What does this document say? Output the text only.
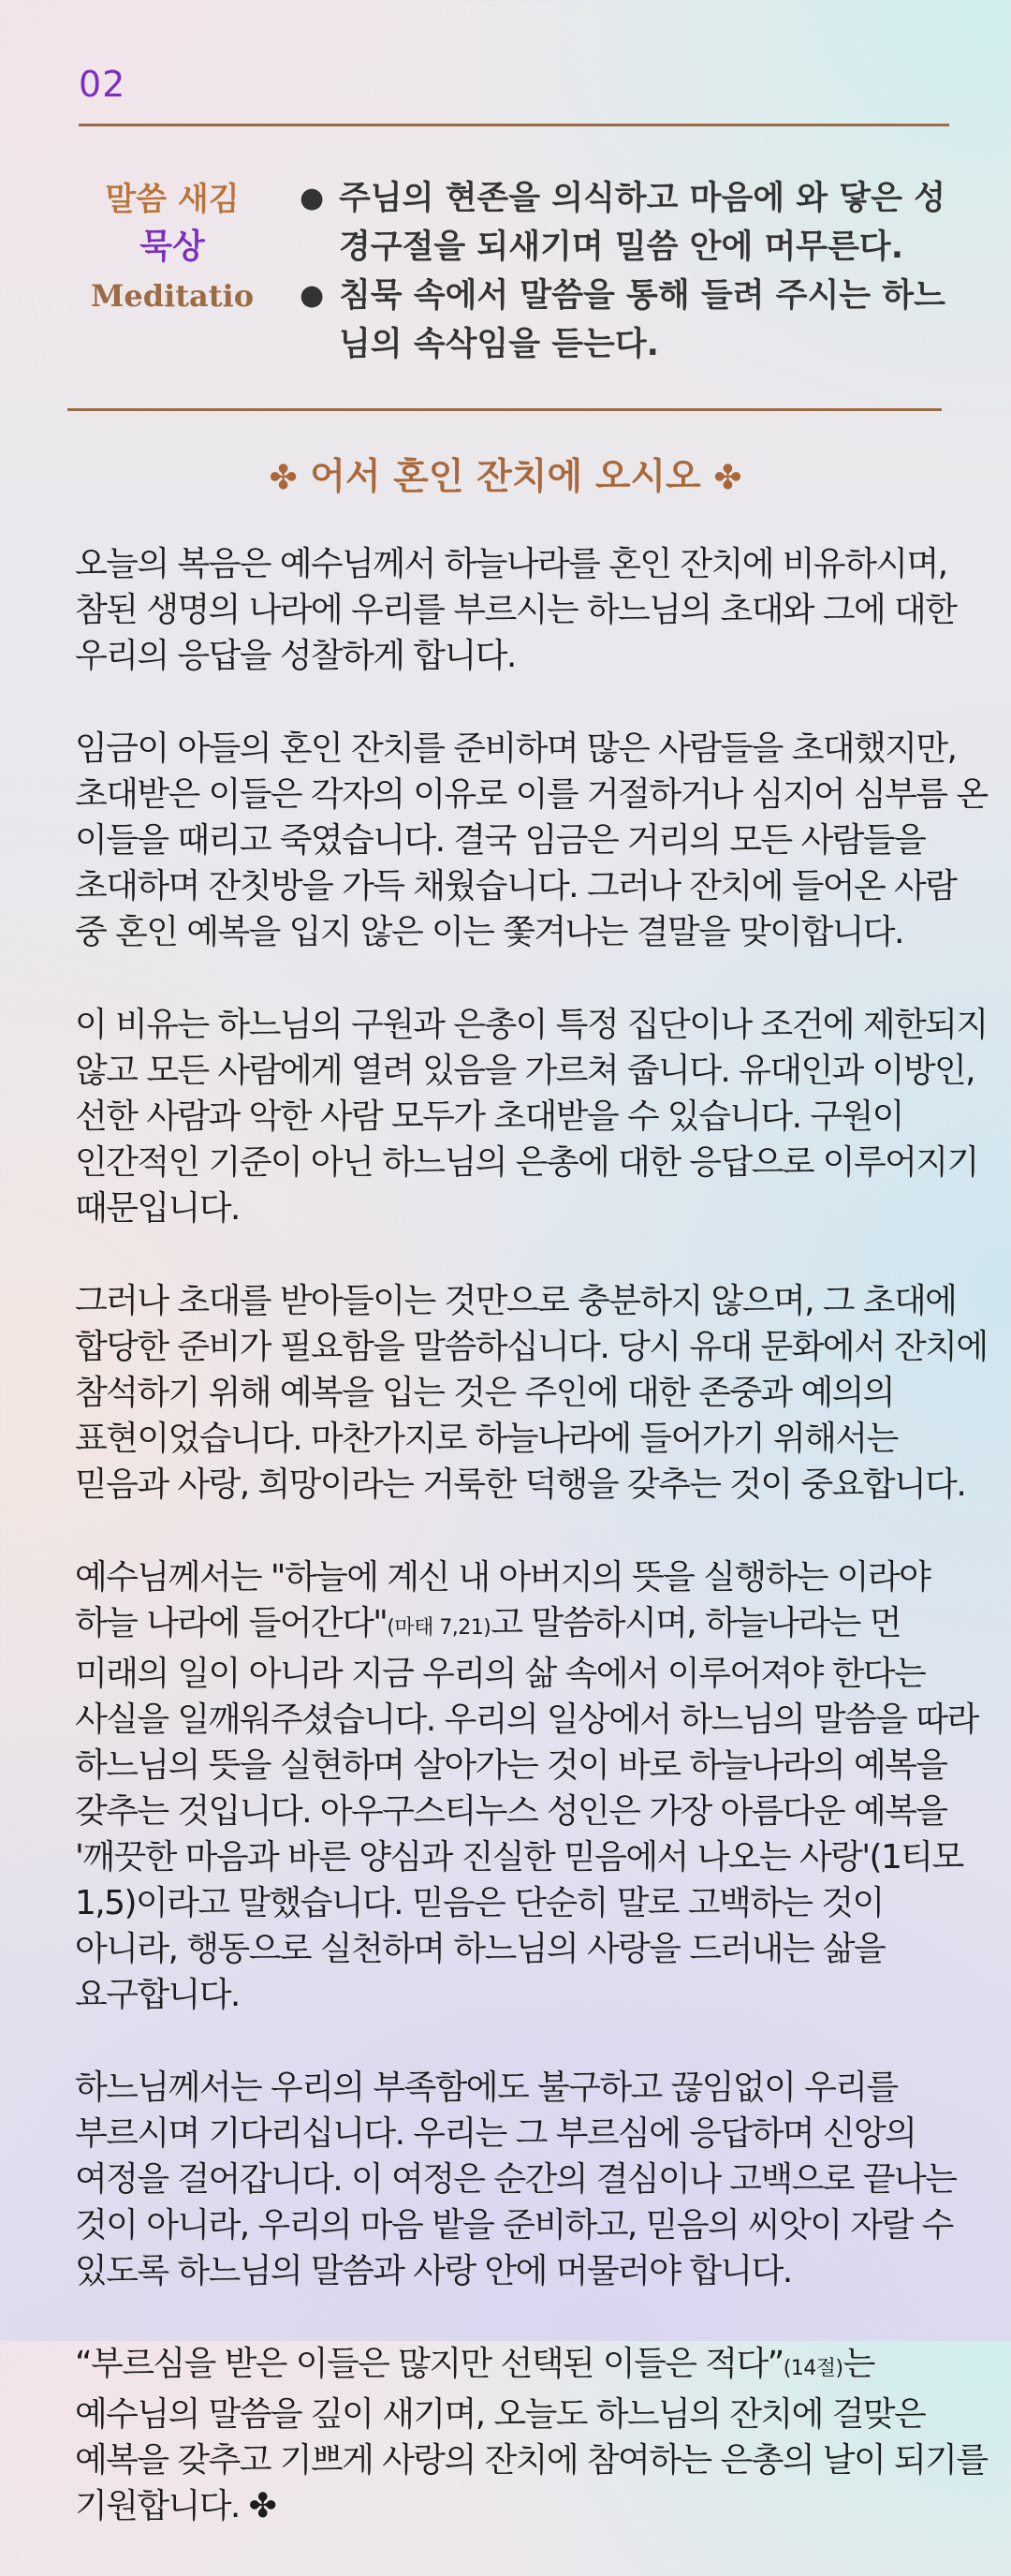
02
말씀 새김
묵상
Meditatio
● 주님의 현존을 의식하고 마음에 와 닿은 성경구절을 되새기며 밀씀 안에 머무른다.
● 침묵 속에서 말씀을 통해 들려 주시는 하느님의 속삭임을 듣는다.
✤ 어서 혼인 잔치에 오시오 ✤

오늘의 복음은 예수님께서 하늘나라를 혼인 잔치에 비유하시며, 참된 생명의 나라에 우리를 부르시는 하느님의 초대와 그에 대한 우리의 응답을 성찰하게 합니다.

임금이 아들의 혼인 잔치를 준비하며 많은 사람들을 초대했지만, 초대받은 이들은 각자의 이유로 이를 거절하거나 심지어 심부름 온 이들을 때리고 죽였습니다. 결국 임금은 거리의 모든 사람들을 초대하며 잔칫방을 가득 채웠습니다. 그러나 잔치에 들어온 사람 중 혼인 예복을 입지 않은 이는 쫓겨나는 결말을 맞이합니다.

이 비유는 하느님의 구원과 은총이 특정 집단이나 조건에 제한되지 않고 모든 사람에게 열려 있음을 가르쳐 줍니다. 유대인과 이방인, 선한 사람과 악한 사람 모두가 초대받을 수 있습니다. 구원이 인간적인 기준이 아닌 하느님의 은총에 대한 응답으로 이루어지기 때문입니다.

그러나 초대를 받아들이는 것만으로 충분하지 않으며, 그 초대에 합당한 준비가 필요함을 말씀하십니다. 당시 유대 문화에서 잔치에 참석하기 위해 예복을 입는 것은 주인에 대한 존중과 예의의 표현이었습니다. 마찬가지로 하늘나라에 들어가기 위해서는 믿음과 사랑, 희망이라는 거룩한 덕행을 갖추는 것이 중요합니다.

예수님께서는 "하늘에 계신 내 아버지의 뜻을 실행하는 이라야 하늘 나라에 들어간다"(마태 7,21)고 말씀하시며, 하늘나라는 먼 미래의 일이 아니라 지금 우리의 삶 속에서 이루어져야 한다는 사실을 일깨워주셨습니다. 우리의 일상에서 하느님의 말씀을 따라 하느님의 뜻을 실현하며 살아가는 것이 바로 하늘나라의 예복을 갖추는 것입니다. 아우구스티누스 성인은 가장 아름다운 예복을 '깨끗한 마음과 바른 양심과 진실한 믿음에서 나오는 사랑'(1티모 1,5)이라고 말했습니다. 믿음은 단순히 말로 고백하는 것이 아니라, 행동으로 실천하며 하느님의 사랑을 드러내는 삶을 요구합니다.

하느님께서는 우리의 부족함에도 불구하고 끊임없이 우리를 부르시며 기다리십니다. 우리는 그 부르심에 응답하며 신앙의 여정을 걸어갑니다. 이 여정은 순간의 결심이나 고백으로 끝나는 것이 아니라, 우리의 마음 밭을 준비하고, 믿음의 씨앗이 자랄 수 있도록 하느님의 말씀과 사랑 안에 머물러야 합니다.

“부르심을 받은 이들은 많지만 선택된 이들은 적다”(14절)는 예수님의 말씀을 깊이 새기며, 오늘도 하느님의 잔치에 걸맞은 예복을 갖추고 기쁘게 사랑의 잔치에 참여하는 은총의 날이 되기를 기원합니다. ✤
